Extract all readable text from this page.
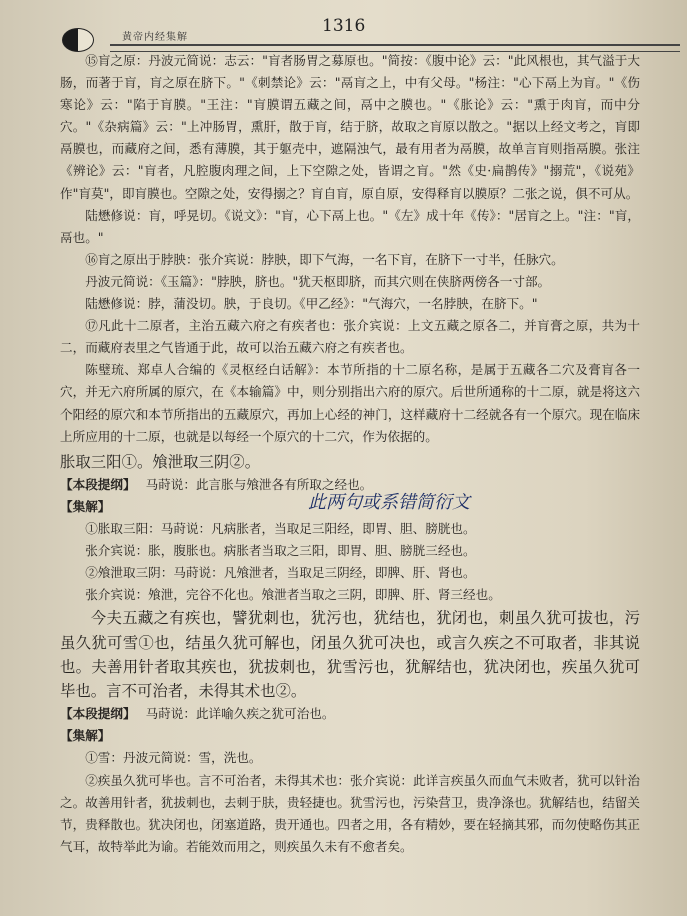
黄帝内经集解
1316

⑮肓之原：丹波元简说：志云："肓者肠胃之募原也。"简按：《腹中论》云："此风根也，其气溢于大肠，而著于肓，肓之原在脐下。"《刺禁论》云："鬲肓之上，中有父母。"杨注："心下鬲上为肓。"《伤寒论》云："陷于肓膜。"王注："肓膜谓五藏之间，鬲中之膜也。"《胀论》云："熏于肉肓，而中分穴。"《杂病篇》云："上冲肠胃，熏肝，散于肓，结于脐，故取之肓原以散之。"据以上经文考之，肓即鬲膜也，而藏府之间，悉有薄膜，其于躯壳中，遮隔浊气，最有用者为鬲膜，故单言肓则指鬲膜。张注《辨论》云："肓者，凡腔腹肉理之间，上下空隙之处，皆谓之肓。"然《史·扁鹊传》"搦荒"，《说苑》作"肓莫"，即肓膜也。空隙之处，安得搦之？肓自肓，原自原，安得释肓以膜原？二张之说，俱不可从。

陆懋修说：肓，呼晃切。《说文》："肓，心下鬲上也。"《左》成十年《传》："居肓之上。"注："肓，鬲也。"

⑯肓之原出于脖胦：张介宾说：脖胦，即下气海，一名下肓，在脐下一寸半，任脉穴。

丹波元简说：《玉篇》："脖胦，脐也。"犹天枢即脐，而其穴则在侠脐两傍各一寸部。

陆懋修说：脖，蒲没切。胦，于良切。《甲乙经》："气海穴，一名脖胦，在脐下。"

⑰凡此十二原者，主治五藏六府之有疾者也：张介宾说：上文五藏之原各二，并肓膏之原，共为十二，而藏府表里之气皆通于此，故可以治五藏六府之有疾者也。

陈璧琉、郑卓人合编的《灵枢经白话解》：本节所指的十二原名称，是属于五藏各二穴及膏肓各一穴，并无六府所属的原穴，在《本输篇》中，则分别指出六府的原穴。后世所通称的十二原，就是将这六个阳经的原穴和本节所指出的五藏原穴，再加上心经的神门，这样藏府十二经就各有一个原穴。现在临床上所应用的十二原，也就是以每经一个原穴的十二穴，作为依据的。

胀取三阳①。飧泄取三阴②。

【本段提纲】 马莳说：此言胀与飧泄各有所取之经也。

【集解】

①胀取三阳：马莳说：凡病胀者，当取足三阳经，即胃、胆、膀胱也。

张介宾说：胀，腹胀也。病胀者当取之三阳，即胃、胆、膀胱三经也。

②飧泄取三阴：马莳说：凡飧泄者，当取足三阴经，即脾、肝、肾也。

张介宾说：飧泄，完谷不化也。飧泄者当取之三阴，即脾、肝、肾三经也。

今夫五藏之有疾也，譬犹刺也，犹污也，犹结也，犹闭也，刺虽久犹可拔也，污虽久犹可雪①也，结虽久犹可解也，闭虽久犹可决也，或言久疾之不可取者，非其说也。夫善用针者取其疾也，犹拔刺也，犹雪污也，犹解结也，犹决闭也，疾虽久犹可毕也。言不可治者，未得其术也②。

【本段提纲】 马莳说：此详喻久疾之犹可治也。

【集解】

①雪：丹波元简说：雪，洗也。

②疾虽久犹可毕也。言不可治者，未得其术也：张介宾说：此详言疾虽久而血气未败者，犹可以针治之。故善用针者，犹拔刺也，去刺于肤，贵轻捷也。犹雪污也，污染营卫，贵净涤也。犹解结也，结留关节，贵释散也。犹决闭也，闭塞道路，贵开通也。四者之用，各有精妙，要在轻摘其邪，而勿使略伤其正气耳，故特举此为谕。若能效而用之，则疾虽久未有不愈者矣。

此两句或系错简衍文
